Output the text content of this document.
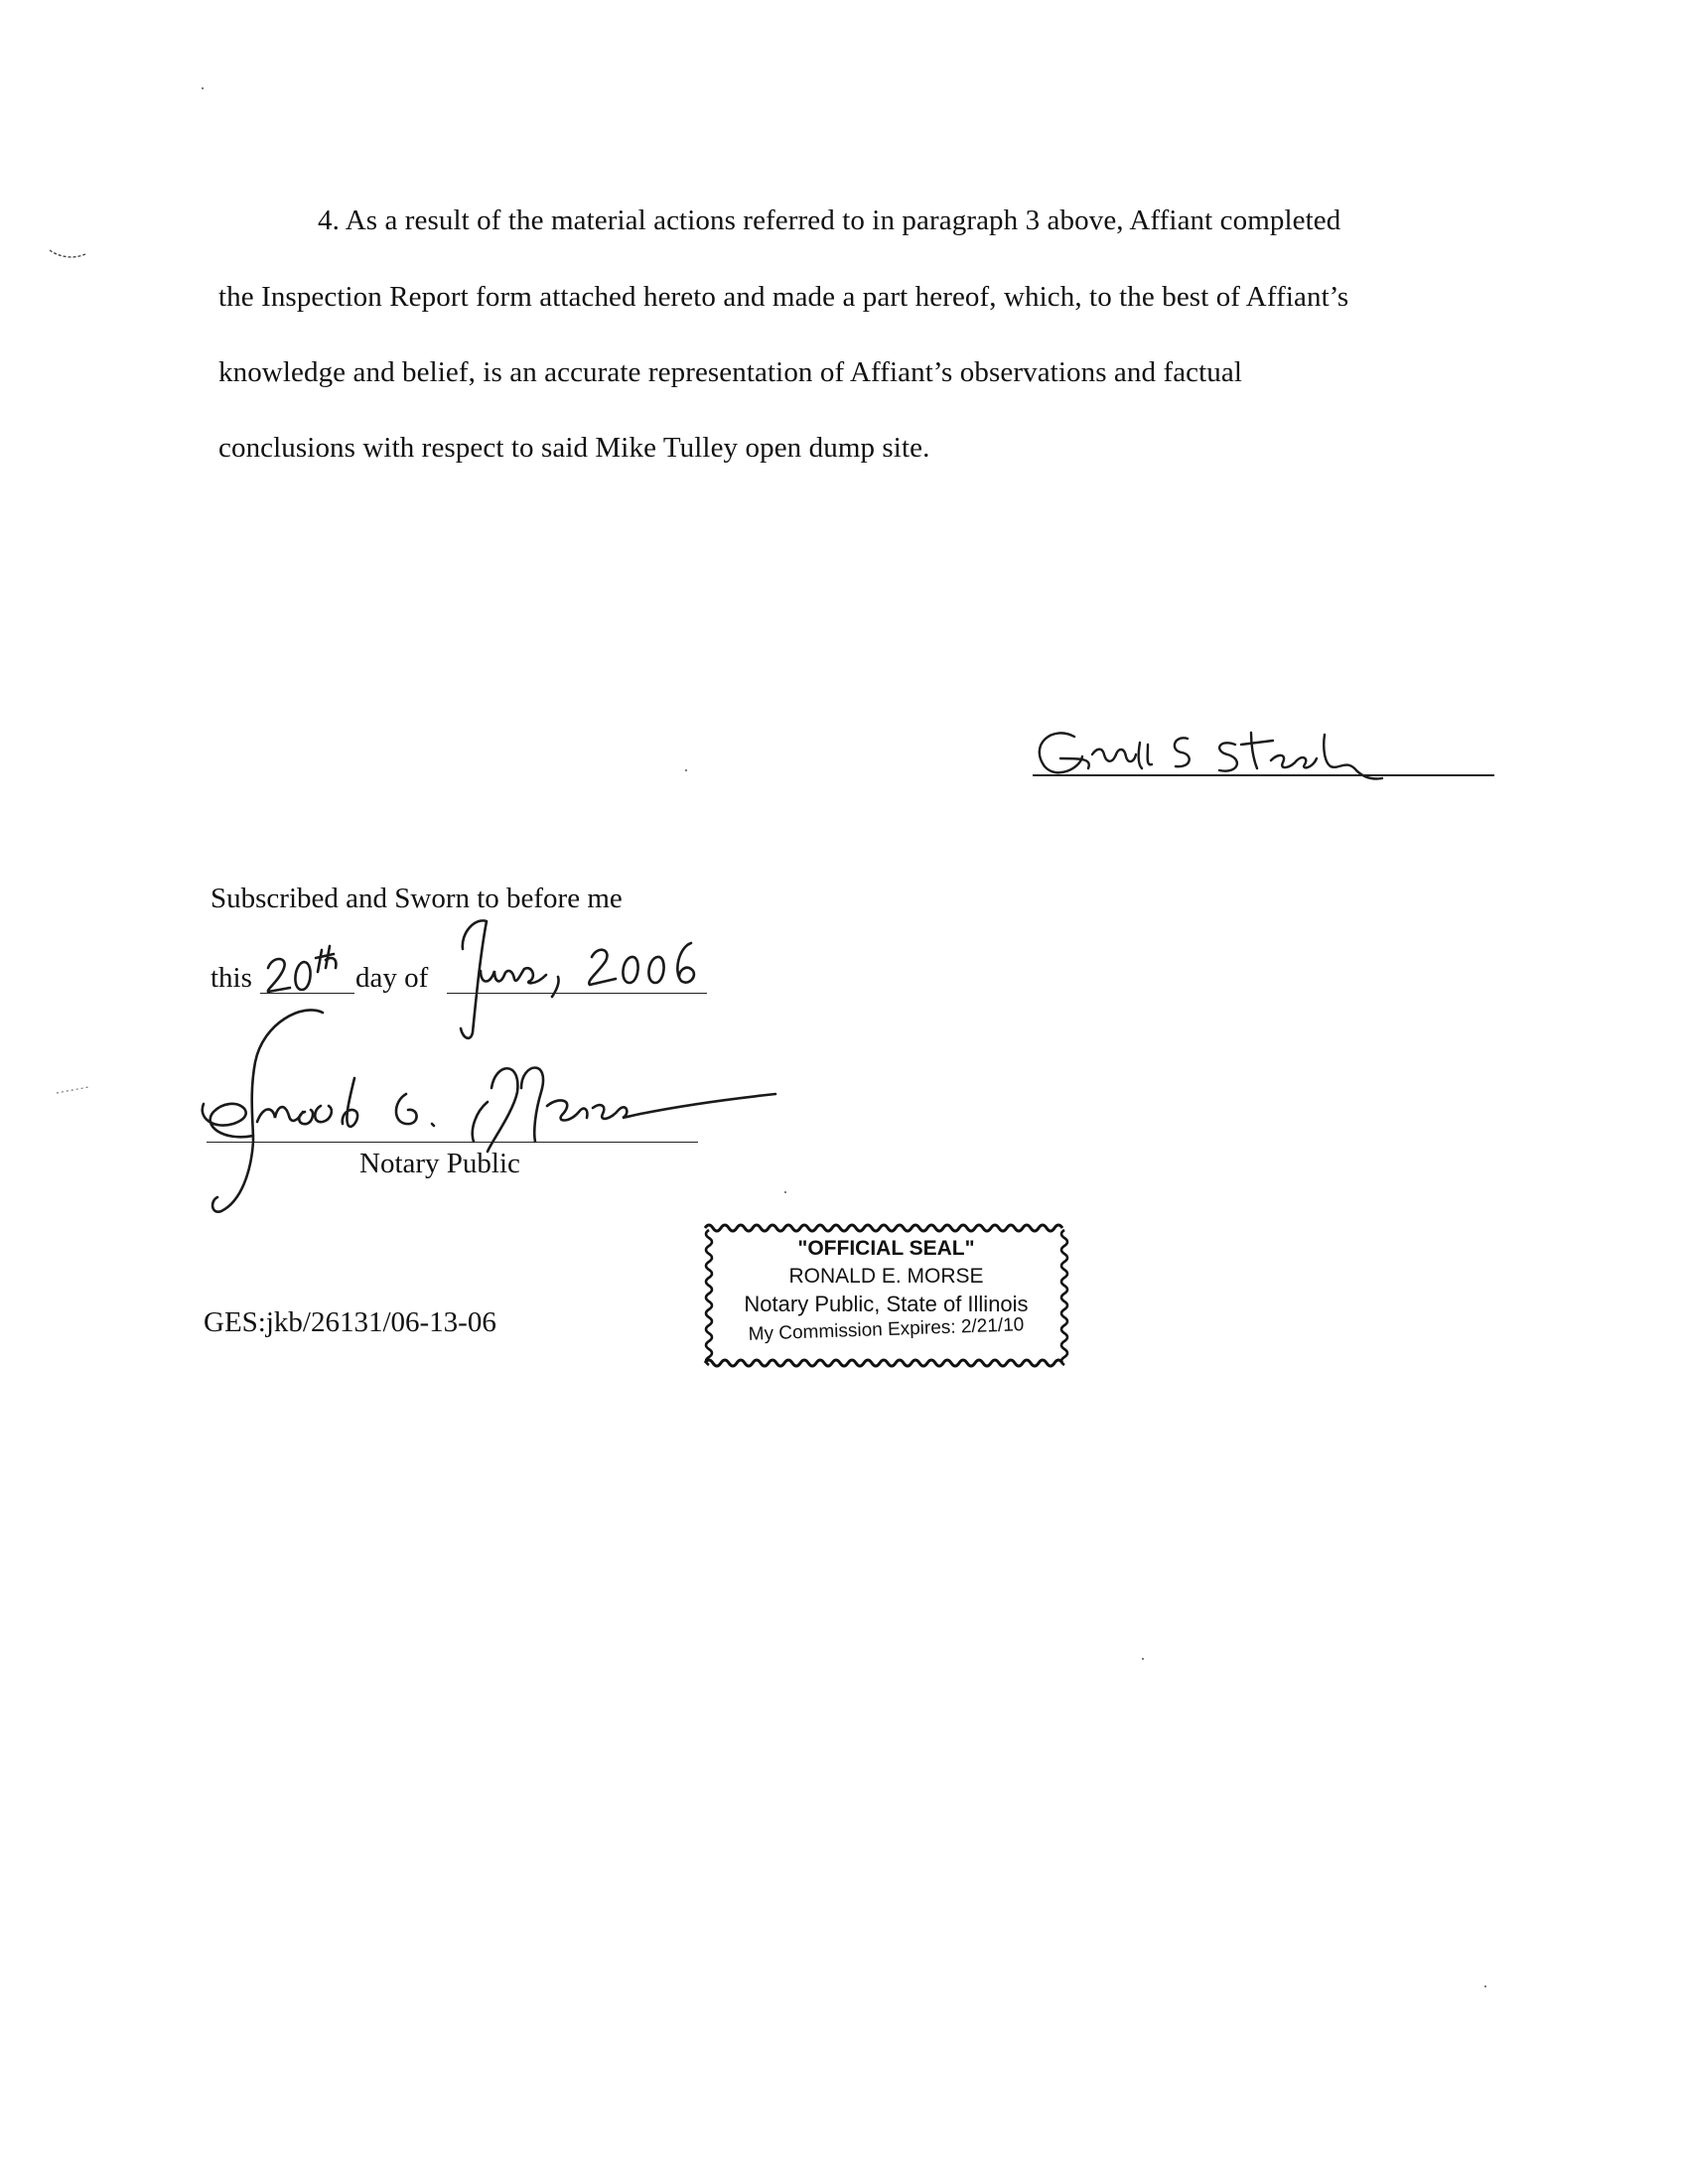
4. As a result of the material actions referred to in paragraph 3 above, Affiant completed
the Inspection Report form attached hereto and made a part hereof, which, to the best of Affiant’s
knowledge and belief, is an accurate representation of Affiant’s observations and factual
conclusions with respect to said Mike Tulley open dump site.
Subscribed and Sworn to before me
this	day of
Notary Public
GES:jkb/26131/06-13-06
"OFFICIAL SEAL"
RONALD E. MORSE
Notary Public, State of Illinois
My Commission Expires: 2/21/10
